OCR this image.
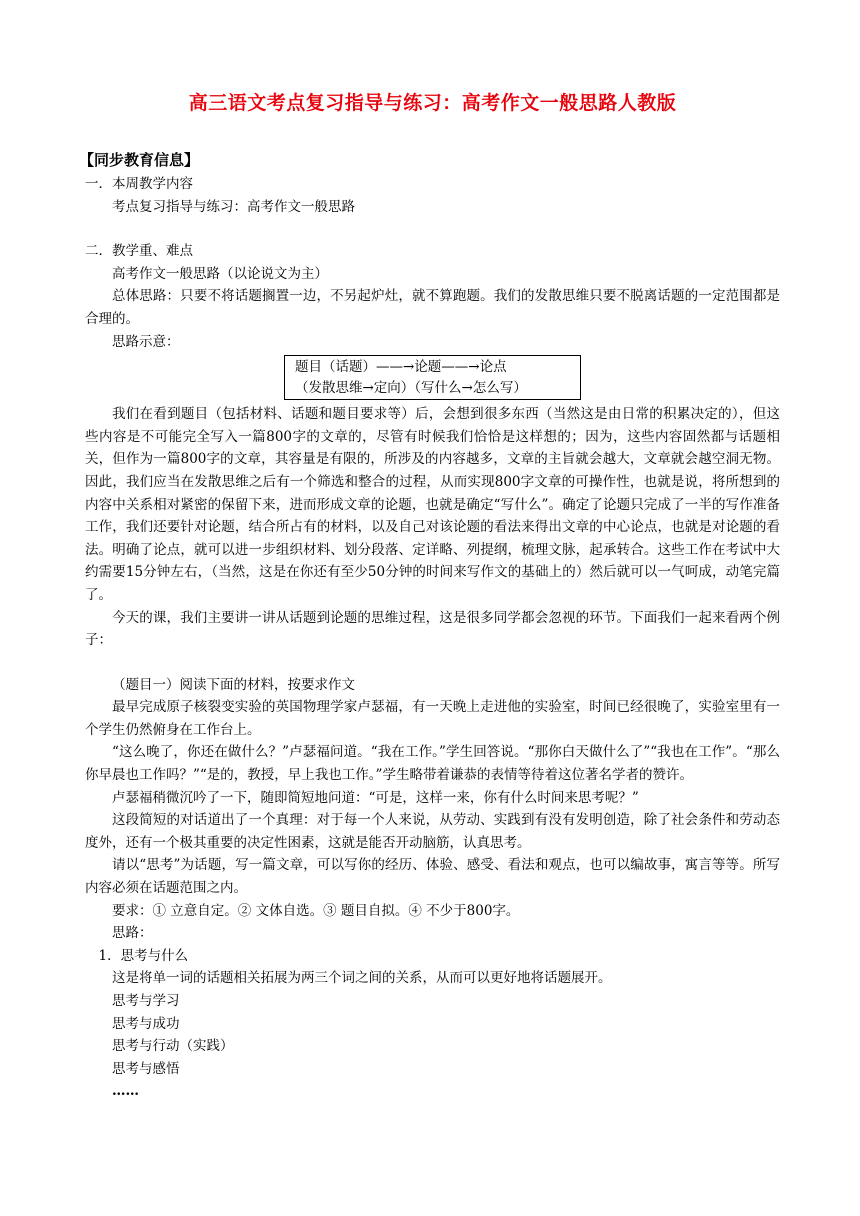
高三语文考点复习指导与练习：高考作文一般思路人教版
【同步教育信息】

一．本周教学内容

考点复习指导与练习：高考作文一般思路

二．教学重、难点

高考作文一般思路（以论说文为主）

总体思路：只要不将话题搁置一边，不另起炉灶，就不算跑题。我们的发散思维只要不脱离话题的一定范围都是合理的。

思路示意：

题目（话题）——→论题——→论点

（发散思维→定向）（写什么→怎么写）

我们在看到题目（包括材料、话题和题目要求等）后，会想到很多东西（当然这是由日常的积累决定的），但这些内容是不可能完全写入一篇800字的文章的，尽管有时候我们恰恰是这样想的；因为，这些内容固然都与话题相关，但作为一篇800字的文章，其容量是有限的，所涉及的内容越多，文章的主旨就会越大，文章就会越空洞无物。因此，我们应当在发散思维之后有一个筛选和整合的过程，从而实现800字文章的可操作性，也就是说，将所想到的内容中关系相对紧密的保留下来，进而形成文章的论题，也就是确定“写什么”。确定了论题只完成了一半的写作准备工作，我们还要针对论题，结合所占有的材料，以及自己对该论题的看法来得出文章的中心论点，也就是对论题的看法。明确了论点，就可以进一步组织材料、划分段落、定详略、列提纲，梳理文脉，起承转合。这些工作在考试中大约需要15分钟左右，（当然，这是在你还有至少50分钟的时间来写作文的基础上的）然后就可以一气呵成，动笔完篇了。

今天的课，我们主要讲一讲从话题到论题的思维过程，这是很多同学都会忽视的环节。下面我们一起来看两个例子：

（题目一）阅读下面的材料，按要求作文

最早完成原子核裂变实验的英国物理学家卢瑟福，有一天晚上走进他的实验室，时间已经很晚了，实验室里有一个学生仍然俯身在工作台上。

“这么晚了，你还在做什么？”卢瑟福问道。“我在工作。”学生回答说。“那你白天做什么了”“我也在工作”。“那么你早晨也工作吗？”“是的，教授，早上我也工作。”学生略带着谦恭的表情等待着这位著名学者的赞许。

卢瑟福稍微沉吟了一下，随即简短地问道：“可是，这样一来，你有什么时间来思考呢？”

这段简短的对话道出了一个真理：对于每一个人来说，从劳动、实践到有没有发明创造，除了社会条件和劳动态度外，还有一个极其重要的决定性困素，这就是能否开动脑筋，认真思考。

请以“思考”为话题，写一篇文章，可以写你的经历、体验、感受、看法和观点，也可以编故事，寓言等等。所写内容必须在话题范围之内。

要求：① 立意自定。② 文体自选。③ 题目自拟。④ 不少于800字。

思路：

1．思考与什么

这是将单一词的话题相关拓展为两三个词之间的关系，从而可以更好地将话题展开。

思考与学习

思考与成功

思考与行动（实践）

思考与感悟

……
